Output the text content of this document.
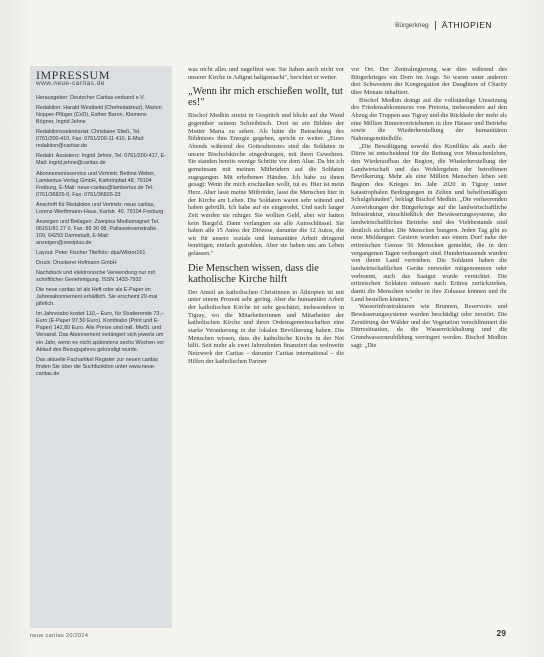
Bürgerkrieg ÄTHIOPIEN
IMPRESSUM
www.neue-caritas.de

Herausgeber: Deutscher Caritas verband e.V.

Redaktion: Harald Westbeld (Chefredakteur), Marion Nopper-Pflüger (CvD), Esther Baron, Klemens Bögner, Ingrid Jehne

Redaktionssekretariat: Christiane Stieß, Tel. 0761/200-410, Fax: 0761/200-11 410, E-Mail: redaktion@caritas.de

Redakt. Assistenz: Ingrid Jehne, Tel. 0761/200-417, E-Mail: ingrid.jehne@caritas.de

Abonnementsservice und Vertrieb: Bettina Weber, Lambertus-Verlag GmbH, Kathrinpfad 48, 79104 Freiburg, E-Mail: neue-caritas@lambertus.de Tel. 0761/36825-0, Fax: 0761/36825-33

Anschrift für Redaktion und Vertrieb: neue caritas, Lorenz-Werthmann-Haus, Karlstr. 40, 79104 Freiburg

Anzeigen und Beilagen: Zweipiss Mediamagnet Tel. 06151/81 27 0, Fax: 89 30 98, Pallaswiesenstraße 109, 64293 Darmstadt, E-Mail: anzeigen@zweiplus.de

Layout: Peter Fischer Titelfoto: dpa/Wiktor161

Druck: Druckerei Hofmann GmbH

Nachdruck und elektronische Verwendung nur mit schriftlicher Genehmigung. ISSN 1433-7932

Die neue caritas ist als Heft oder als E-Paper im Jahresabonnement erhältlich. Sie erscheint 20-mal jährlich.

Im Jahresabo kostet 110,– Euro, für Studierende 73,– Euro (E-Paper 97,50 Euro). Kombiabo (Print und E-Paper) 142,80 Euro. Alle Preise sind inkl. MwSt. und Versand. Das Abonnement verlängert sich jeweils um ein Jahr, wenn es nicht spätestens sechs Wochen vor Ablauf des Bezugsjahres gekündigt wurde.

Das aktuelle Fachartikel Register zur neuen caritas finden Sie über die Suchfunktion unter www.neue-caritas.de

was nicht alles und nagelfest war. Sie haben auch nicht vor unserer Kirche in Adigrat haltgemacht", berichtet er weiter.

„Wenn ihr mich erschießen wollt, tut es!"

Bischof Medhin streist in Gespräch und blickt auf die Wand gegenüber seinem Schreibtisch. Dort ist ein Bildnis der Mutter Maria zu sehen. Als hätte die Betrachtung des Bildnisses ihm Energie gegeben, spricht er weiter. „Eines Abends während des Gottesdienstes sind die Soldaten in unsere Bischofskirche eingedrungen, mit ihren Gewehren. Sie standen bereits wenige Schritte vor dem Altar. Da bin ich gemeinsam mit meinen Mitbrüdern auf die Soldaten zugegangen. Mit erhobenen Händen. Ich habe zu ihnen gesagt: Wenn ihr mich erschießen wollt, tut es. Hier ist mein Herz. Aber lasst meine Mitbrüder, lasst die Menschen hier in der Kirche am Leben. Die Soldaten waren sehr wütend und haben gebrüllt. Ich habe auf sie eingeredet. Und nach langer Zeit wurden sie ruhiger. Sie wollten Geld, aber wir hatten kein Bargeld. Dann verlangten sie alle Autoschlüssel. Sie haben alle 15 Autos der Diözese, darunter die 12 Autos, die wir für unsere soziale und humanitäre Arbeit dringend benötigen, einfach gestohlen. Aber sie haben uns am Leben gelassen."

Die Menschen wissen, dass die katholische Kirche hilft

Der Anteil an katholischen Christinnen in Äthiopien ist mit unter einem Prozent sehr gering. Aber die humanitäre Arbeit der katholischen Kirche ist sehr geschätzt, insbesondere in Tigray, wo die Mitarbeiterinnen und Mitarbeiter der katholischen Kirche und ihren Ordensgemeinschaften eine starke Verankerung in der lokalen Bevölkerung haben. Die Menschen wissen, dass die katholische Kirche in der Not hilft. Seit mehr als zwei Jahrzehnten finanziert das weltweite Netzwerk der Caritas – darunter Caritas international – die Hilfen der katholischen Partner

vor Ort. Der Zentralregierung war dies während des Bürgerkrieges ein Dorn im Auge. So waren unter anderen drei Schwestern der Kongregation der Daughters of Charity über Monate inhaftiert.

Bischof Medhin drängt auf die vollständige Umsetzung des Friedensabkommens von Pretoria, insbesondere auf den Abzug der Truppen aus Tigray und die Rückkehr der mehr als eine Million Binnenvertriebenen in ihre Häuser und Betriebe sowie die Wiederherstellung der humanitären Nahrungsmittelhilfe.

„Die Bewältigung sowohl des Konflikts als auch der Dürre ist entscheidend für die Rettung von Menschenleben, den Wiederaufbau der Region, die Wiederherstellung der Landwirtschaft und das Wohlergehen der betroffenen Bevölkerung. Mehr als eine Million Menschen leben seit Beginn des Krieges im Jahr 2020 in Tigray unter katastrophalen Bedingungen in Zelten und behelfsmäßigen Schulgebäuden", beklagt Bischof Medhin. „Die verheerenden Auswirkungen der Bürgerkriege auf die landwirtschaftliche Infrastruktur, einschließlich der Bewässerungssysteme, der landwirtschaftlichen Betriebe und des Viehbestands sind deutlich sichtbar. Die Menschen hungern. Jeden Tag gibt es neue Meldungen: Gestern wurden aus einem Dorf nahe der eritreischen Grenze 56 Menschen gemeldet, die in den vergangenen Tagen verhungert sind. Hunderttausende wurden von ihrem Land vertrieben. Die Soldaten haben die landwirtschaftlichen Geräte entweder mitgenommen oder verbrannt, auch das Saatgut wurde vernichtet. Die eritreischen Soldaten müssen nach Eritrea zurückziehen, damit die Menschen wieder in ihre Zuhause können und ihr Land bestellen können."

Wasserinfrastrukturen wie Brunnen, Reservoirs und Bewässerungssysteme wurden beschädigt oder zerstört. Die Zerstörung der Wälder und der Vegetation verschlimmert die Dürresituation, da die Wasserrückhaltung und die Grundwasserneubildung verringert werden. Bischof Medhin sagt: „Die

neue caritas 20/2024	29
